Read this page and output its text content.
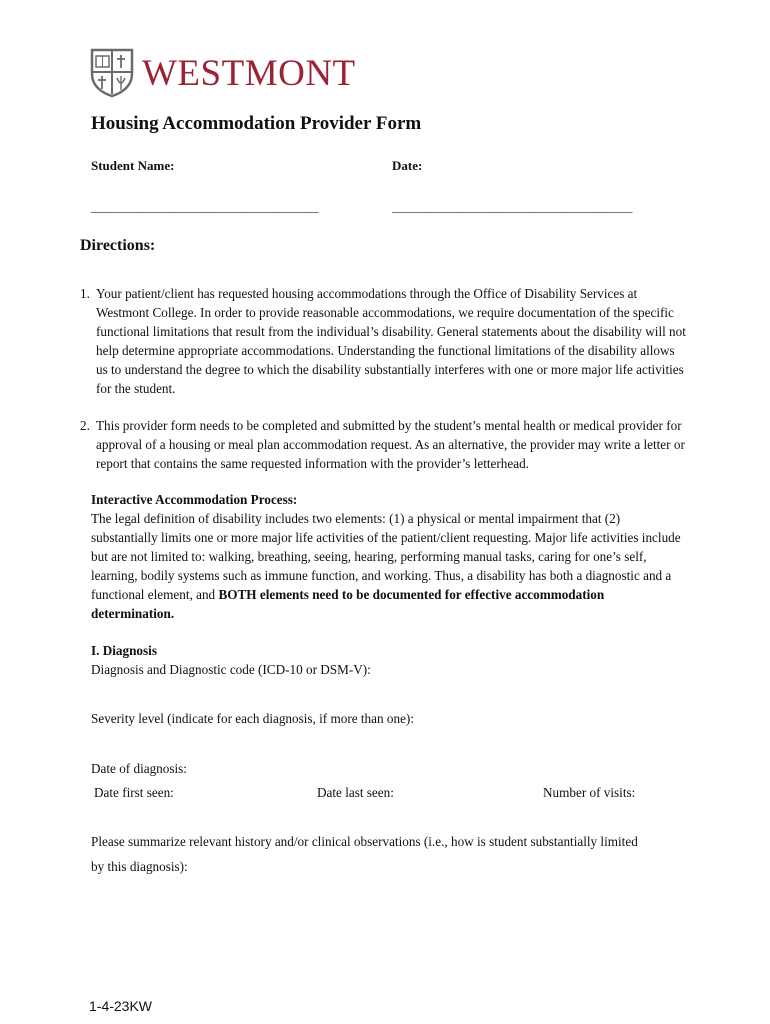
WESTMONT
Housing Accommodation Provider Form
Student Name:	Date:
___________________________________	_____________________________________
Directions:
1. Your patient/client has requested housing accommodations through the Office of Disability Services at Westmont College. In order to provide reasonable accommodations, we require documentation of the specific functional limitations that result from the individual’s disability. General statements about the disability will not help determine appropriate accommodations. Understanding the functional limitations of the disability allows us to understand the degree to which the disability substantially interferes with one or more major life activities for the student.
2. This provider form needs to be completed and submitted by the student’s mental health or medical provider for approval of a housing or meal plan accommodation request. As an alternative, the provider may write a letter or report that contains the same requested information with the provider’s letterhead.
Interactive Accommodation Process:
The legal definition of disability includes two elements: (1) a physical or mental impairment that (2) substantially limits one or more major life activities of the patient/client requesting. Major life activities include but are not limited to: walking, breathing, seeing, hearing, performing manual tasks, caring for one’s self, learning, bodily systems such as immune function, and working. Thus, a disability has both a diagnostic and a functional element, and BOTH elements need to be documented for effective accommodation determination.
I. Diagnosis
Diagnosis and Diagnostic code (ICD-10 or DSM-V):
Severity level (indicate for each diagnosis, if more than one):
Date of diagnosis:
Date first seen:	Date last seen:	Number of visits:
Please summarize relevant history and/or clinical observations (i.e., how is student substantially limited
by this diagnosis):
1-4-23KW
